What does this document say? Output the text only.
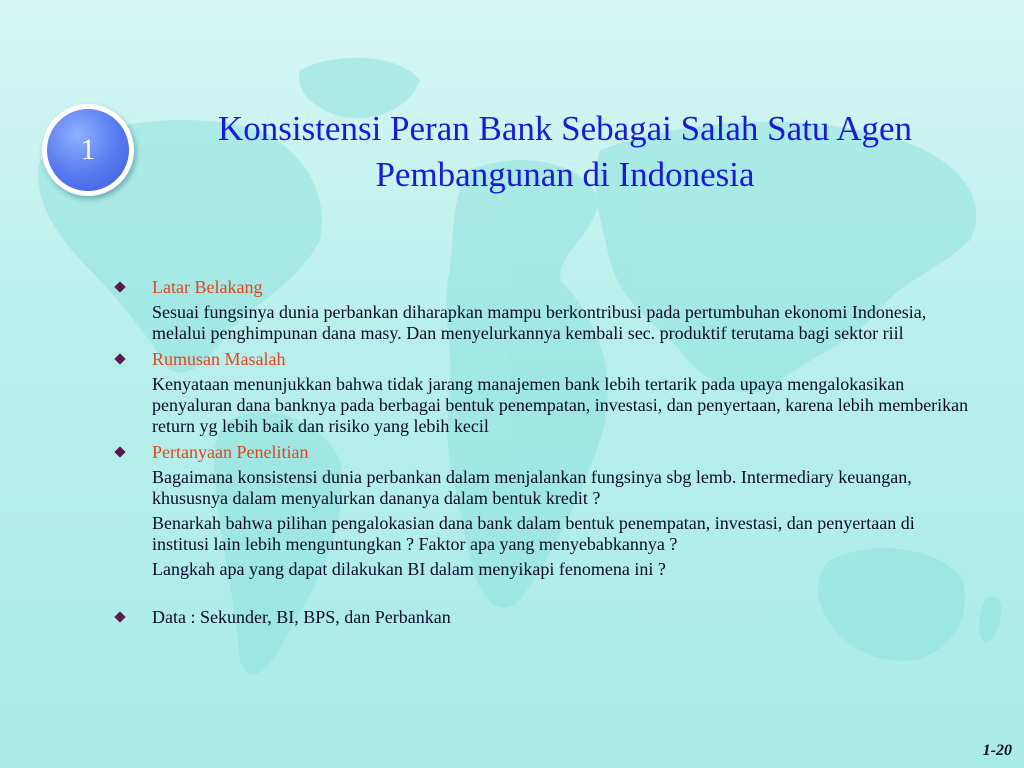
1
Konsistensi Peran Bank Sebagai Salah Satu Agen
Pembangunan di Indonesia
Latar Belakang
Sesuai fungsinya dunia perbankan diharapkan mampu berkontribusi pada pertumbuhan ekonomi Indonesia, melalui penghimpunan dana masy. Dan menyelurkannya kembali sec. produktif terutama bagi sektor riil
Rumusan Masalah
Kenyataan menunjukkan bahwa tidak jarang manajemen bank lebih tertarik pada upaya mengalokasikan penyaluran dana banknya pada berbagai bentuk penempatan, investasi, dan penyertaan, karena lebih memberikan return yg lebih baik dan risiko yang lebih kecil
Pertanyaan Penelitian
Bagaimana konsistensi dunia perbankan dalam menjalankan fungsinya sbg lemb. Intermediary keuangan, khususnya dalam menyalurkan dananya dalam bentuk kredit ?
Benarkah bahwa pilihan pengalokasian dana bank dalam bentuk penempatan, investasi, dan penyertaan di institusi lain lebih menguntungkan ? Faktor apa yang menyebabkannya ?
Langkah apa yang dapat dilakukan BI dalam menyikapi fenomena ini ?
Data : Sekunder, BI, BPS, dan Perbankan
1-20
